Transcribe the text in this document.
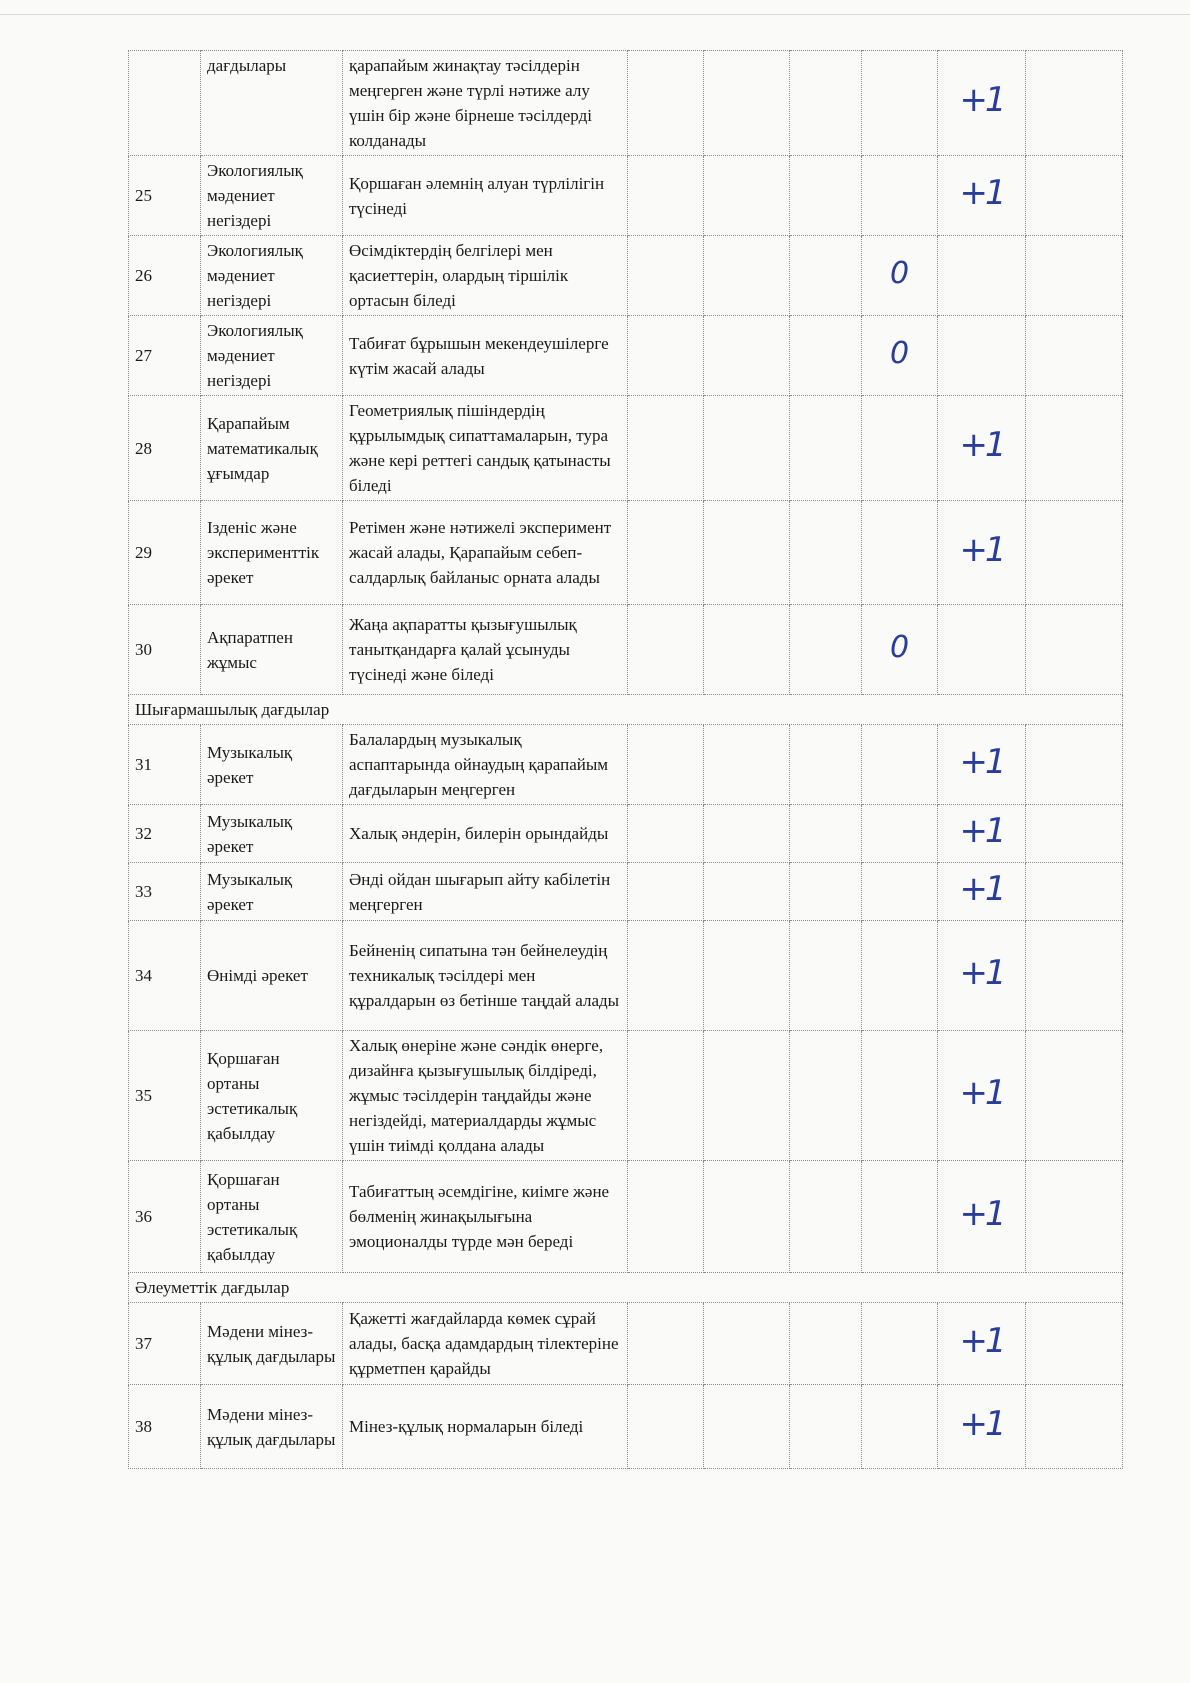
	дағдылары	қарапайым жинақтау тәсілдерін меңгерген және түрлі нәтиже алу үшін бір және бірнеше тәсілдерді колданады					+1	
25	Экологиялық мәдениет негіздері	Қоршаған әлемнің алуан түрлілігін түсінеді					+1	
26	Экологиялық мәдениет негіздері	Өсімдіктердің белгілері мен қасиеттерін, олардың тіршілік ортасын біледі				0		
27	Экологиялық мәдениет негіздері	Табиғат бұрышын мекендеушілерге күтім жасай алады				0		
28	Қарапайым математикалық ұғымдар	Геометриялық пішіндердің құрылымдық сипаттамаларын, тура және кері реттегі сандық қатынасты біледі					+1	
29	Ізденіс және эксперименттік әрекет	Ретімен және нәтижелі эксперимент жасай алады, Қарапайым себеп-салдарлық байланыс орната алады					+1	
30	Ақпаратпен жұмыс	Жаңа ақпаратты қызығушылық танытқандарға қалай ұсынуды түсінеді және біледі				0		
Шығармашылық дағдылар								
31	Музыкалық әрекет	Балалардың музыкалық аспаптарында ойнаудың қарапайым дағдыларын меңгерген					+1	
32	Музыкалық әрекет	Халық әндерін, билерін орындайды					+1	
33	Музыкалық әрекет	Әнді ойдан шығарып айту кабілетін меңгерген					+1	
34	Өнімді әрекет	Бейненің сипатына тән бейнелеудің техникалық тәсілдері мен құралдарын өз бетінше таңдай алады					+1	
35	Қоршаған ортаны эстетикалық қабылдау	Халық өнеріне және сәндік өнерге, дизайнға қызығушылық білдіреді, жұмыс тәсілдерін таңдайды және негіздейді, материалдарды жұмыс үшін тиімді қолдана алады					+1	
36	Қоршаған ортаны эстетикалық қабылдау	Табиғаттың әсемдігіне, киімге және бөлменің жинақылығына эмоционалды түрде мән береді					+1	
Әлеуметтік дағдылар								
37	Мәдени мінез-құлық дағдылары	Қажетті жағдайларда көмек сұрай алады, басқа адамдардың тілектеріне құрметпен қарайды					+1	
38	Мәдени мінез-құлық дағдылары	Мінез-құлық нормаларын біледі					+1	
